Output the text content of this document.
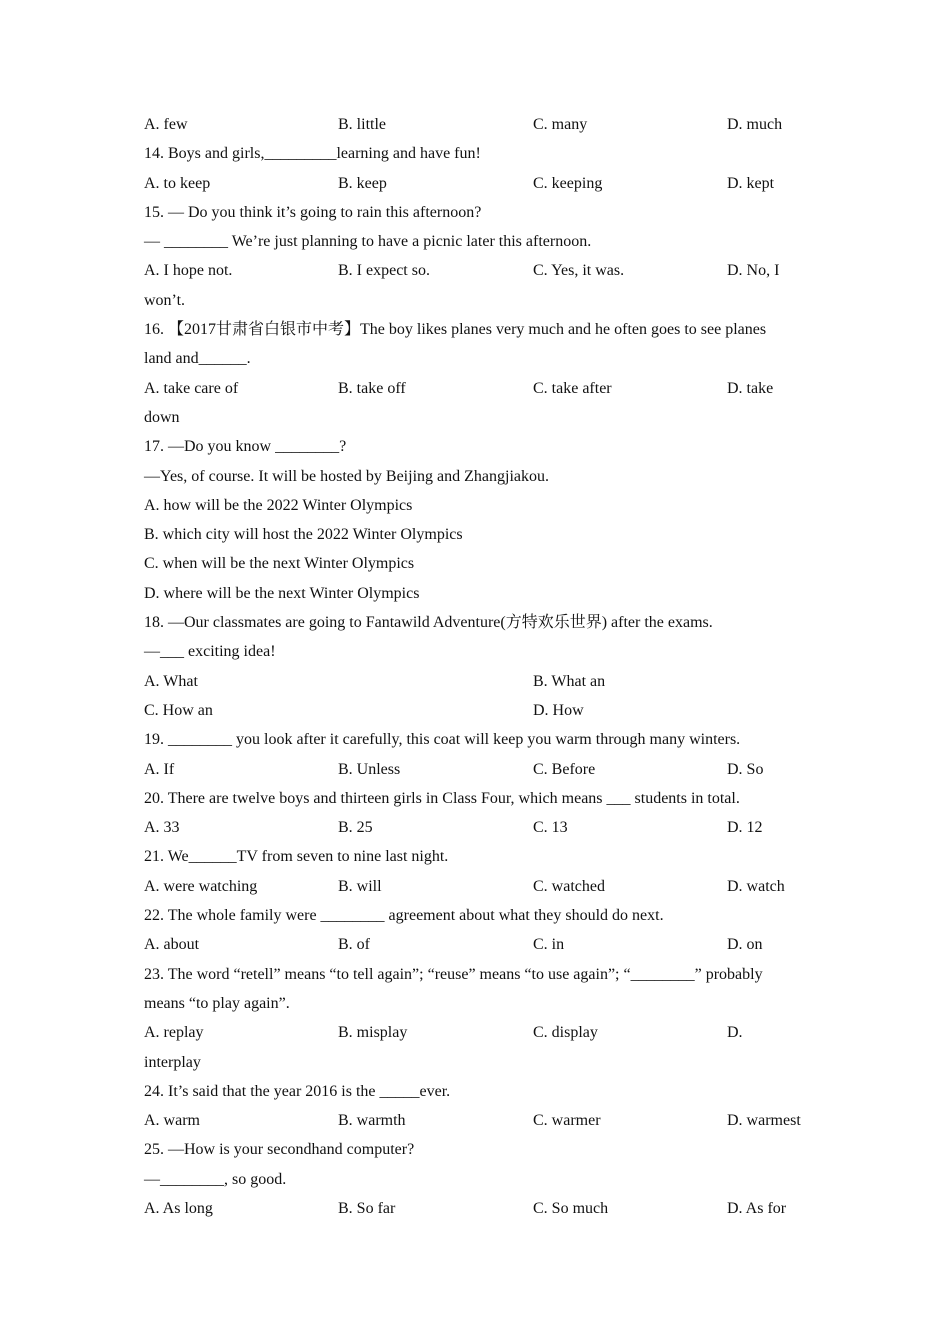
A. few	B. little	C. many	D. much
14. Boys and girls,_________learning and have fun!
A. to keep	B. keep	C. keeping	D. kept
15. — Do you think it’s going to rain this afternoon?
— ________ We’re just planning to have a picnic later this afternoon.
A. I hope not.	B. I expect so.	C. Yes, it was.	D. No, I
won’t.
16. 【2017甘肃省白银市中考】The boy likes planes very much and he often goes to see planes
land and______.
A. take care of	B. take off	C. take after	D. take
down
17. —Do you know ________?
—Yes, of course. It will be hosted by Beijing and Zhangjiakou.
A. how will be the 2022 Winter Olympics
B. which city will host the 2022 Winter Olympics
C. when will be the next Winter Olympics
D. where will be the next Winter Olympics
18. —Our classmates are going to Fantawild Adventure(方特欢乐世界) after the exams.
—___ exciting idea!
A. What	B. What an
C. How an	D. How
19. ________ you look after it carefully, this coat will keep you warm through many winters.
A. If	B. Unless	C. Before	D. So
20. There are twelve boys and thirteen girls in Class Four, which means ___ students in total.
A. 33	B. 25	C. 13	D. 12
21. We______TV from seven to nine last night.
A. were watching	B. will	C. watched	D. watch
22. The whole family were ________ agreement about what they should do next.
A. about	B. of	C. in	D. on
23. The word “retell” means “to tell again”; “reuse” means “to use again”; “________” probably
means “to play again”.
A. replay	B. misplay	C. display	D.
interplay
24. It’s said that the year 2016 is the _____ever.
A. warm	B. warmth	C. warmer	D. warmest
25. —How is your secondhand computer?
—________, so good.
A. As long	B. So far	C. So much	D. As for
